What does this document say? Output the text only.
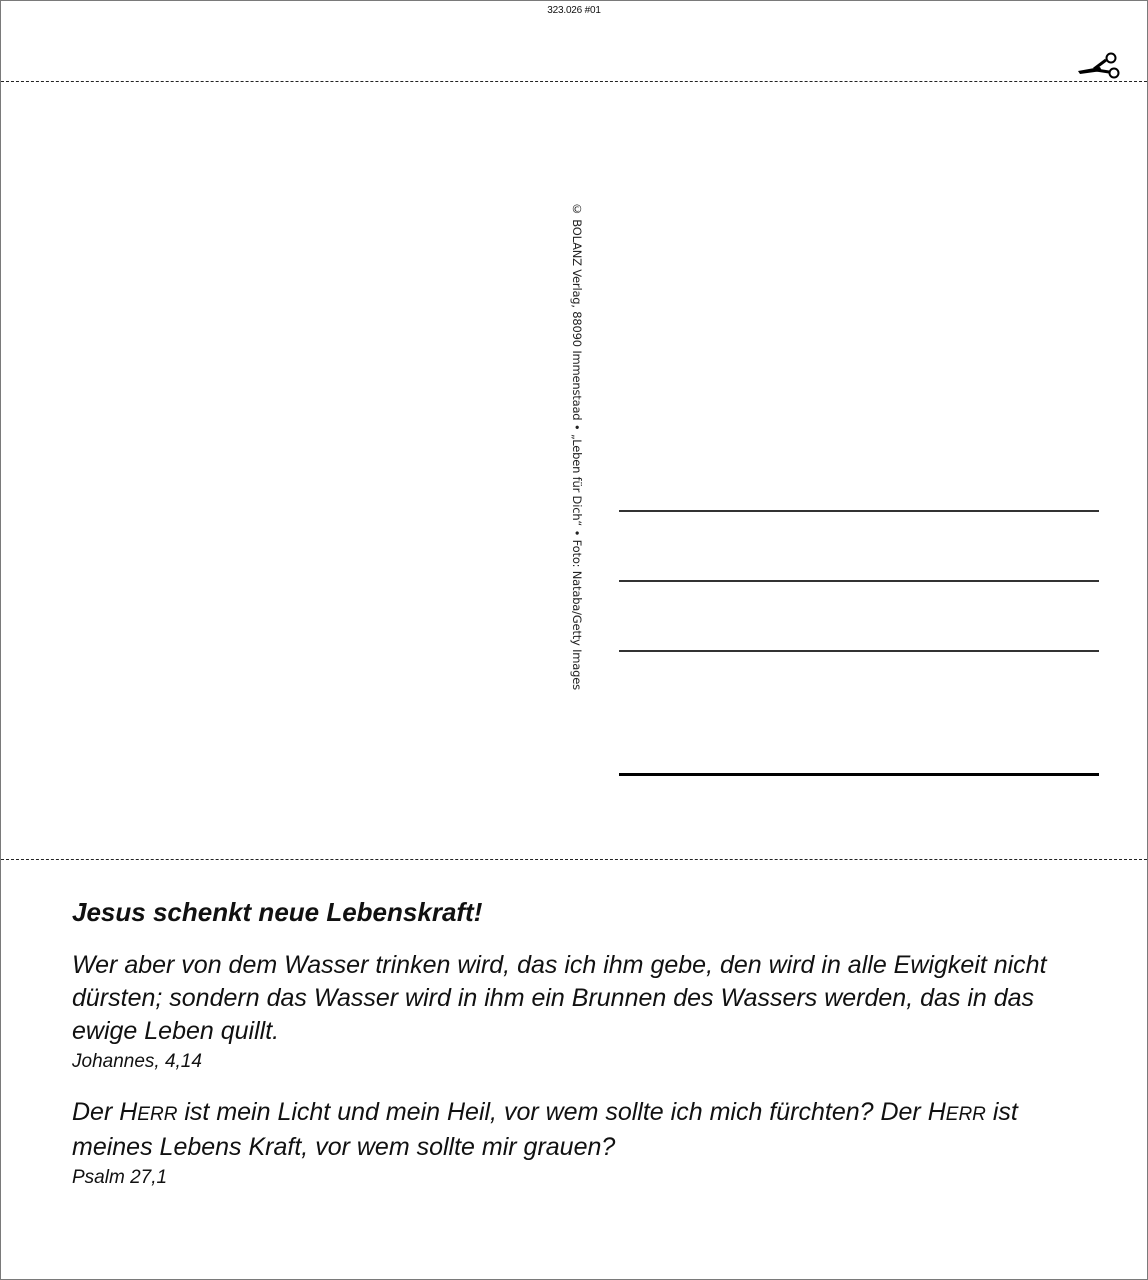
323.026 #01
© BOLANZ Verlag, 88090 Immenstaad • „Leben für Dich“ • Foto: Nataba/Getty Images
Jesus schenkt neue Lebenskraft!

Wer aber von dem Wasser trinken wird, das ich ihm gebe, den wird in alle Ewigkeit nicht dürsten; sondern das Wasser wird in ihm ein Brunnen des Wassers werden, das in das ewige Leben quillt.

Johannes, 4,14

Der HERR ist mein Licht und mein Heil, vor wem sollte ich mich fürchten? Der HERR ist meines Lebens Kraft, vor wem sollte mir grauen?

Psalm 27,1
